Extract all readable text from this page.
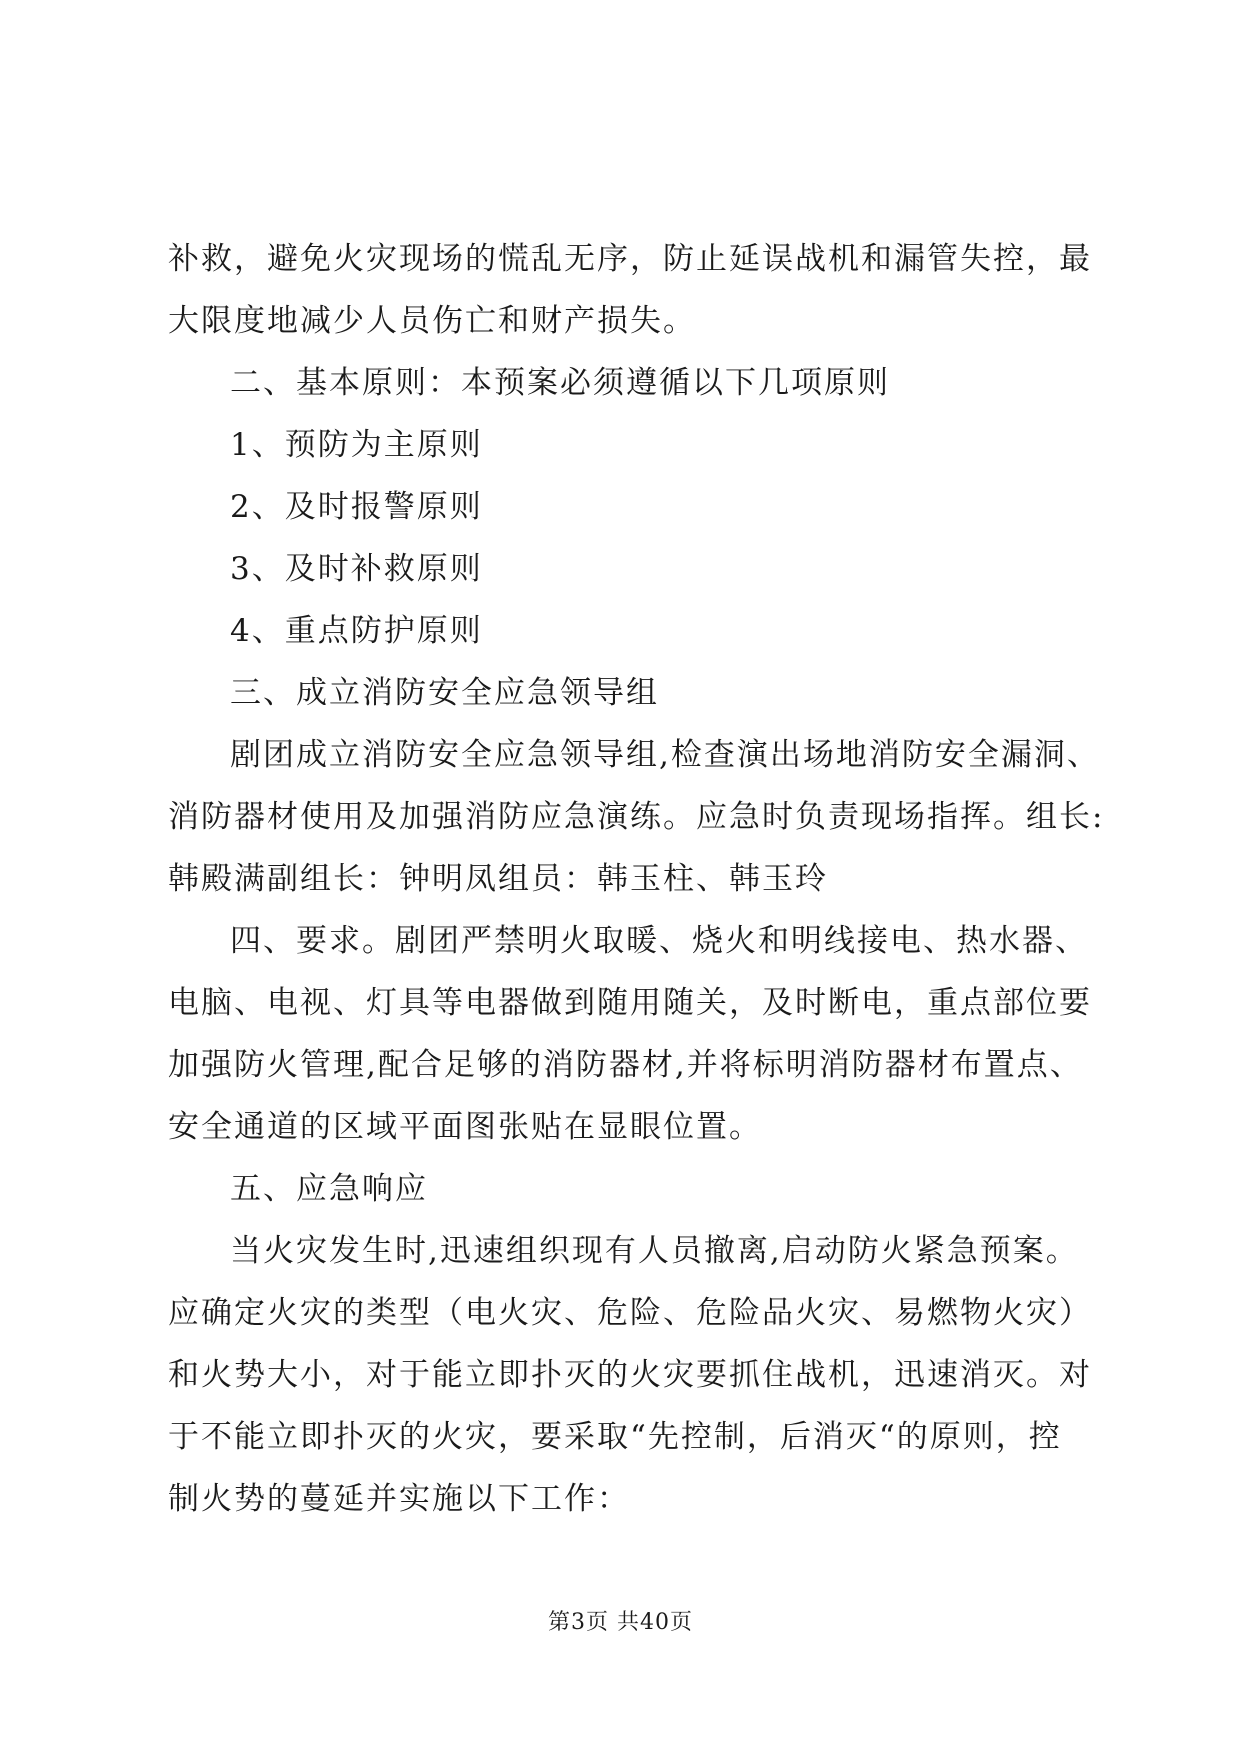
补救，避免火灾现场的慌乱无序，防止延误战机和漏管失控，最
大限度地减少人员伤亡和财产损失。
二、基本原则：本预案必须遵循以下几项原则
1、预防为主原则
2、及时报警原则
3、及时补救原则
4、重点防护原则
三、成立消防安全应急领导组
剧团成立消防安全应急领导组,检查演出场地消防安全漏洞、
消防器材使用及加强消防应急演练。应急时负责现场指挥。组长:
韩殿满副组长：钟明凤组员：韩玉柱、韩玉玲
四、要求。剧团严禁明火取暖、烧火和明线接电、热水器、
电脑、电视、灯具等电器做到随用随关，及时断电，重点部位要
加强防火管理,配合足够的消防器材,并将标明消防器材布置点、
安全通道的区域平面图张贴在显眼位置。
五、应急响应
当火灾发生时,迅速组织现有人员撤离,启动防火紧急预案。
应确定火灾的类型（电火灾、危险、危险品火灾、易燃物火灾）
和火势大小，对于能立即扑灭的火灾要抓住战机，迅速消灭。对
于不能立即扑灭的火灾，要采取“先控制，后消灭“的原则，控
制火势的蔓延并实施以下工作：
第3页 共40页
